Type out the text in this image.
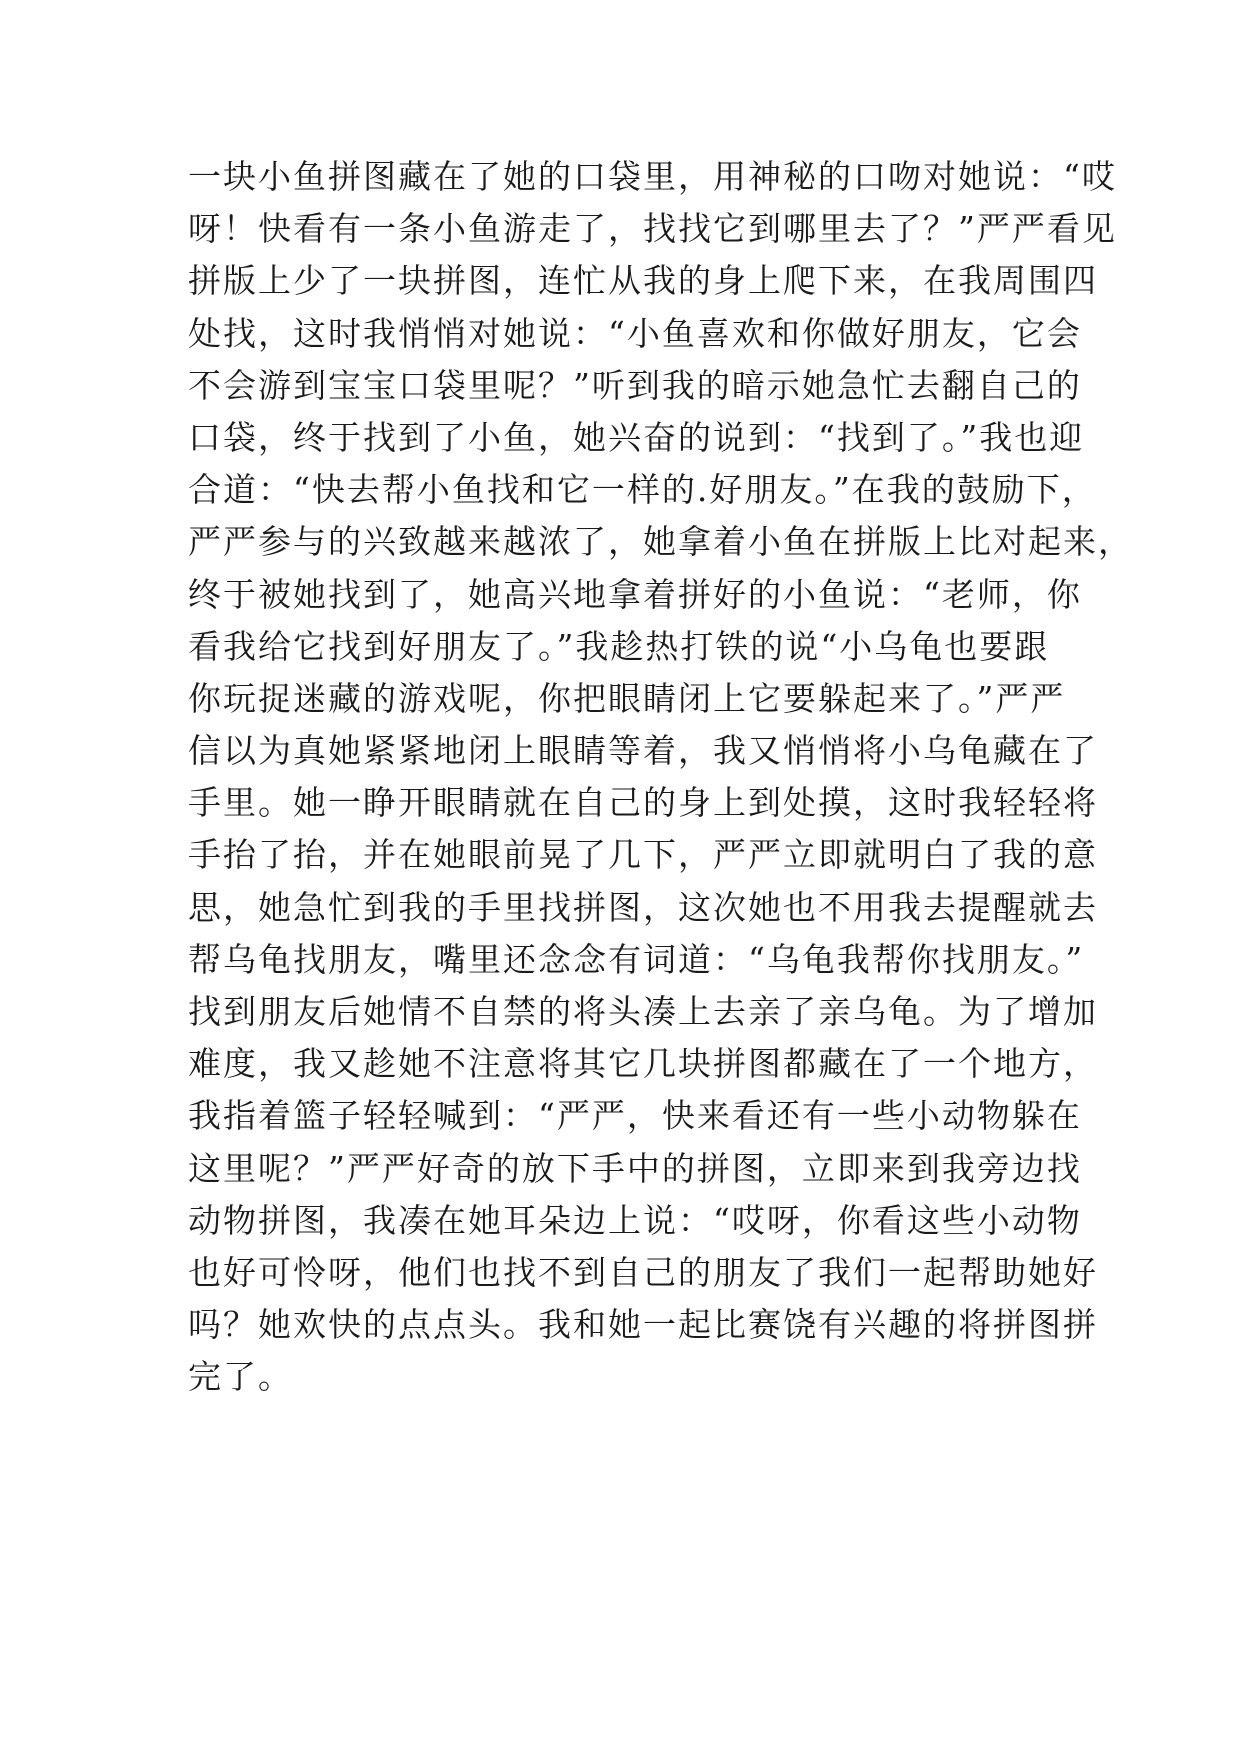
一块小鱼拼图藏在了她的口袋里，用神秘的口吻对她说：“哎
呀！快看有一条小鱼游走了，找找它到哪里去了？”严严看见
拼版上少了一块拼图，连忙从我的身上爬下来，在我周围四
处找，这时我悄悄对她说：“小鱼喜欢和你做好朋友，它会
不会游到宝宝口袋里呢？”听到我的暗示她急忙去翻自己的
口袋，终于找到了小鱼，她兴奋的说到：“找到了。”我也迎
合道：“快去帮小鱼找和它一样的.好朋友。”在我的鼓励下，
严严参与的兴致越来越浓了，她拿着小鱼在拼版上比对起来，
终于被她找到了，她高兴地拿着拼好的小鱼说：“老师，你
看我给它找到好朋友了。”我趁热打铁的说“小乌龟也要跟
你玩捉迷藏的游戏呢，你把眼睛闭上它要躲起来了。”严严
信以为真她紧紧地闭上眼睛等着，我又悄悄将小乌龟藏在了
手里。她一睁开眼睛就在自己的身上到处摸，这时我轻轻将
手抬了抬，并在她眼前晃了几下，严严立即就明白了我的意
思，她急忙到我的手里找拼图，这次她也不用我去提醒就去
帮乌龟找朋友，嘴里还念念有词道：“乌龟我帮你找朋友。”
找到朋友后她情不自禁的将头凑上去亲了亲乌龟。为了增加
难度，我又趁她不注意将其它几块拼图都藏在了一个地方，
我指着篮子轻轻喊到：“严严，快来看还有一些小动物躲在
这里呢？”严严好奇的放下手中的拼图，立即来到我旁边找
动物拼图，我凑在她耳朵边上说：“哎呀，你看这些小动物
也好可怜呀，他们也找不到自己的朋友了我们一起帮助她好
吗？她欢快的点点头。我和她一起比赛饶有兴趣的将拼图拼
完了。
